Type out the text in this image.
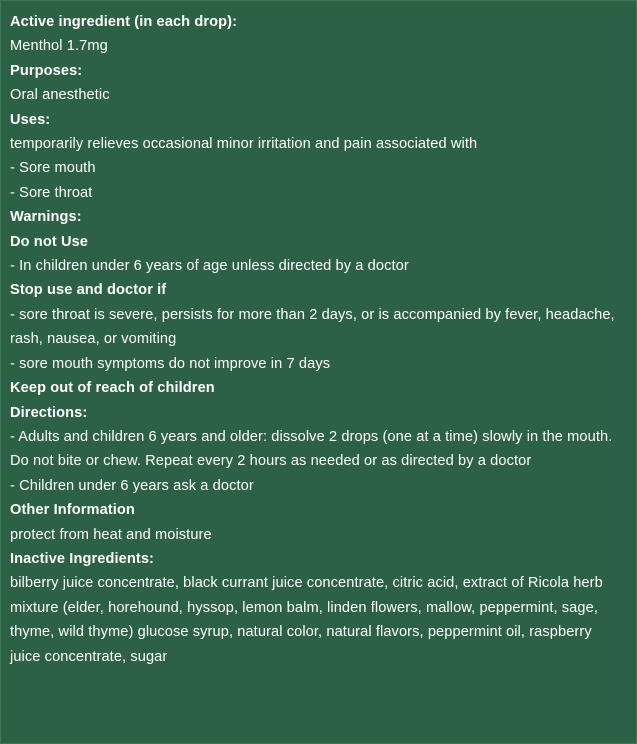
Active ingredient (in each drop):
Menthol 1.7mg
Purposes:
Oral anesthetic
Uses:
temporarily relieves occasional minor irritation and pain associated with
- Sore mouth
- Sore throat
Warnings:
Do not Use
- In children under 6 years of age unless directed by a doctor
Stop use and doctor if
- sore throat is severe, persists for more than 2 days, or is accompanied by fever, headache, rash, nausea, or vomiting
- sore mouth symptoms do not improve in 7 days
Keep out of reach of children
Directions:
- Adults and children 6 years and older: dissolve 2 drops (one at a time) slowly in the mouth. Do not bite or chew. Repeat every 2 hours as needed or as directed by a doctor
- Children under 6 years ask a doctor
Other Information
protect from heat and moisture
Inactive Ingredients:
bilberry juice concentrate, black currant juice concentrate, citric acid, extract of Ricola herb mixture (elder, horehound, hyssop, lemon balm, linden flowers, mallow, peppermint, sage, thyme, wild thyme) glucose syrup, natural color, natural flavors, peppermint oil, raspberry juice concentrate, sugar
